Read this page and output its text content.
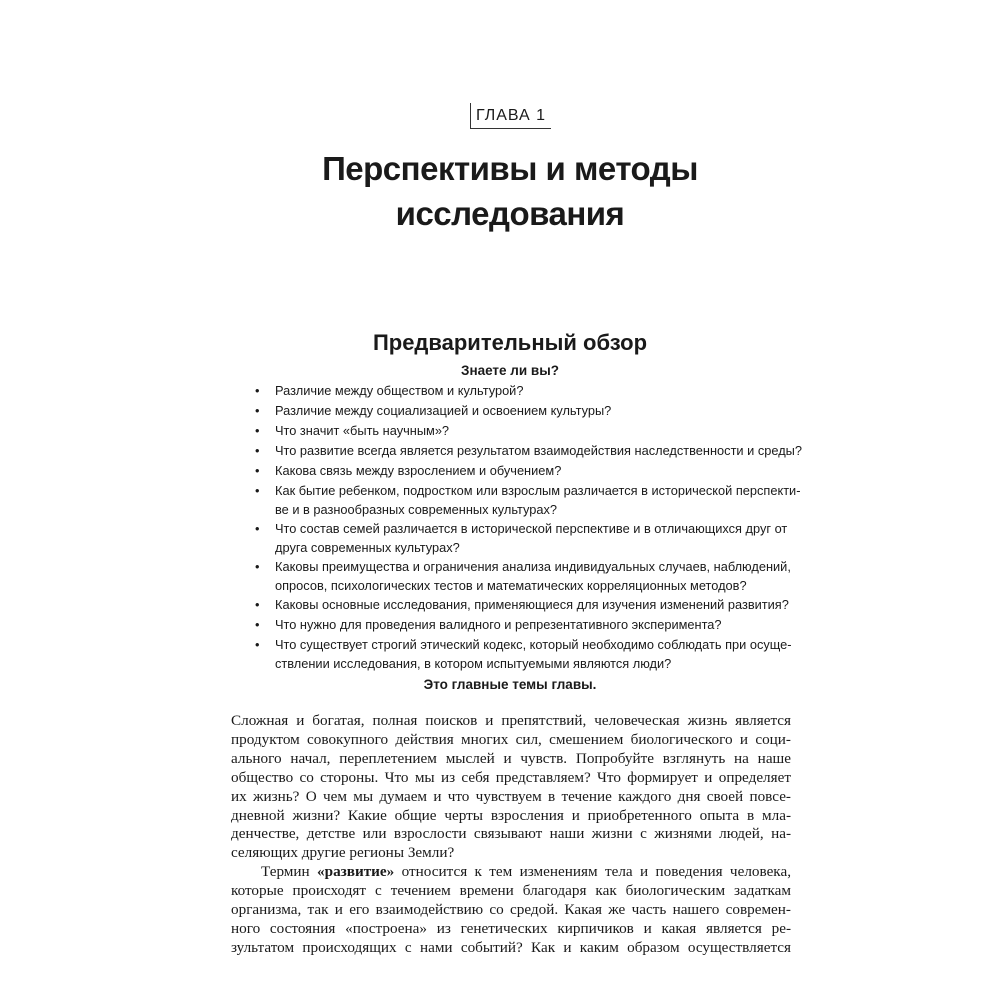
ГЛАВА 1
Перспективы и методы
исследования
Предварительный обзор
Знаете ли вы?
• Различие между обществом и культурой?
• Различие между социализацией и освоением культуры?
• Что значит «быть научным»?
• Что развитие всегда является результатом взаимодействия наследственности и среды?
• Какова связь между взрослением и обучением?
• Как бытие ребенком, подростком или взрослым различается в исторической перспекти-
ве и в разнообразных современных культурах?
• Что состав семей различается в исторической перспективе и в отличающихся друг от
друга современных культурах?
• Каковы преимущества и ограничения анализа индивидуальных случаев, наблюдений,
опросов, психологических тестов и математических корреляционных методов?
• Каковы основные исследования, применяющиеся для изучения изменений развития?
• Что нужно для проведения валидного и репрезентативного эксперимента?
• Что существует строгий этический кодекс, который необходимо соблюдать при осуще-
ствлении исследования, в котором испытуемыми являются люди?
Это главные темы главы.
Сложная и богатая, полная поисков и препятствий, человеческая жизнь является
продуктом совокупного действия многих сил, смешением биологического и соци-
ального начал, переплетением мыслей и чувств. Попробуйте взглянуть на наше
общество со стороны. Что мы из себя представляем? Что формирует и определяет
их жизнь? О чем мы думаем и что чувствуем в течение каждого дня своей повсе-
дневной жизни? Какие общие черты взросления и приобретенного опыта в мла-
денчестве, детстве или взрослости связывают наши жизни с жизнями людей, на-
селяющих другие регионы Земли?
Термин «развитие» относится к тем изменениям тела и поведения человека,
которые происходят с течением времени благодаря как биологическим задаткам
организма, так и его взаимодействию со средой. Какая же часть нашего современ-
ного состояния «построена» из генетических кирпичиков и какая является ре-
зультатом происходящих с нами событий? Как и каким образом осуществляется
